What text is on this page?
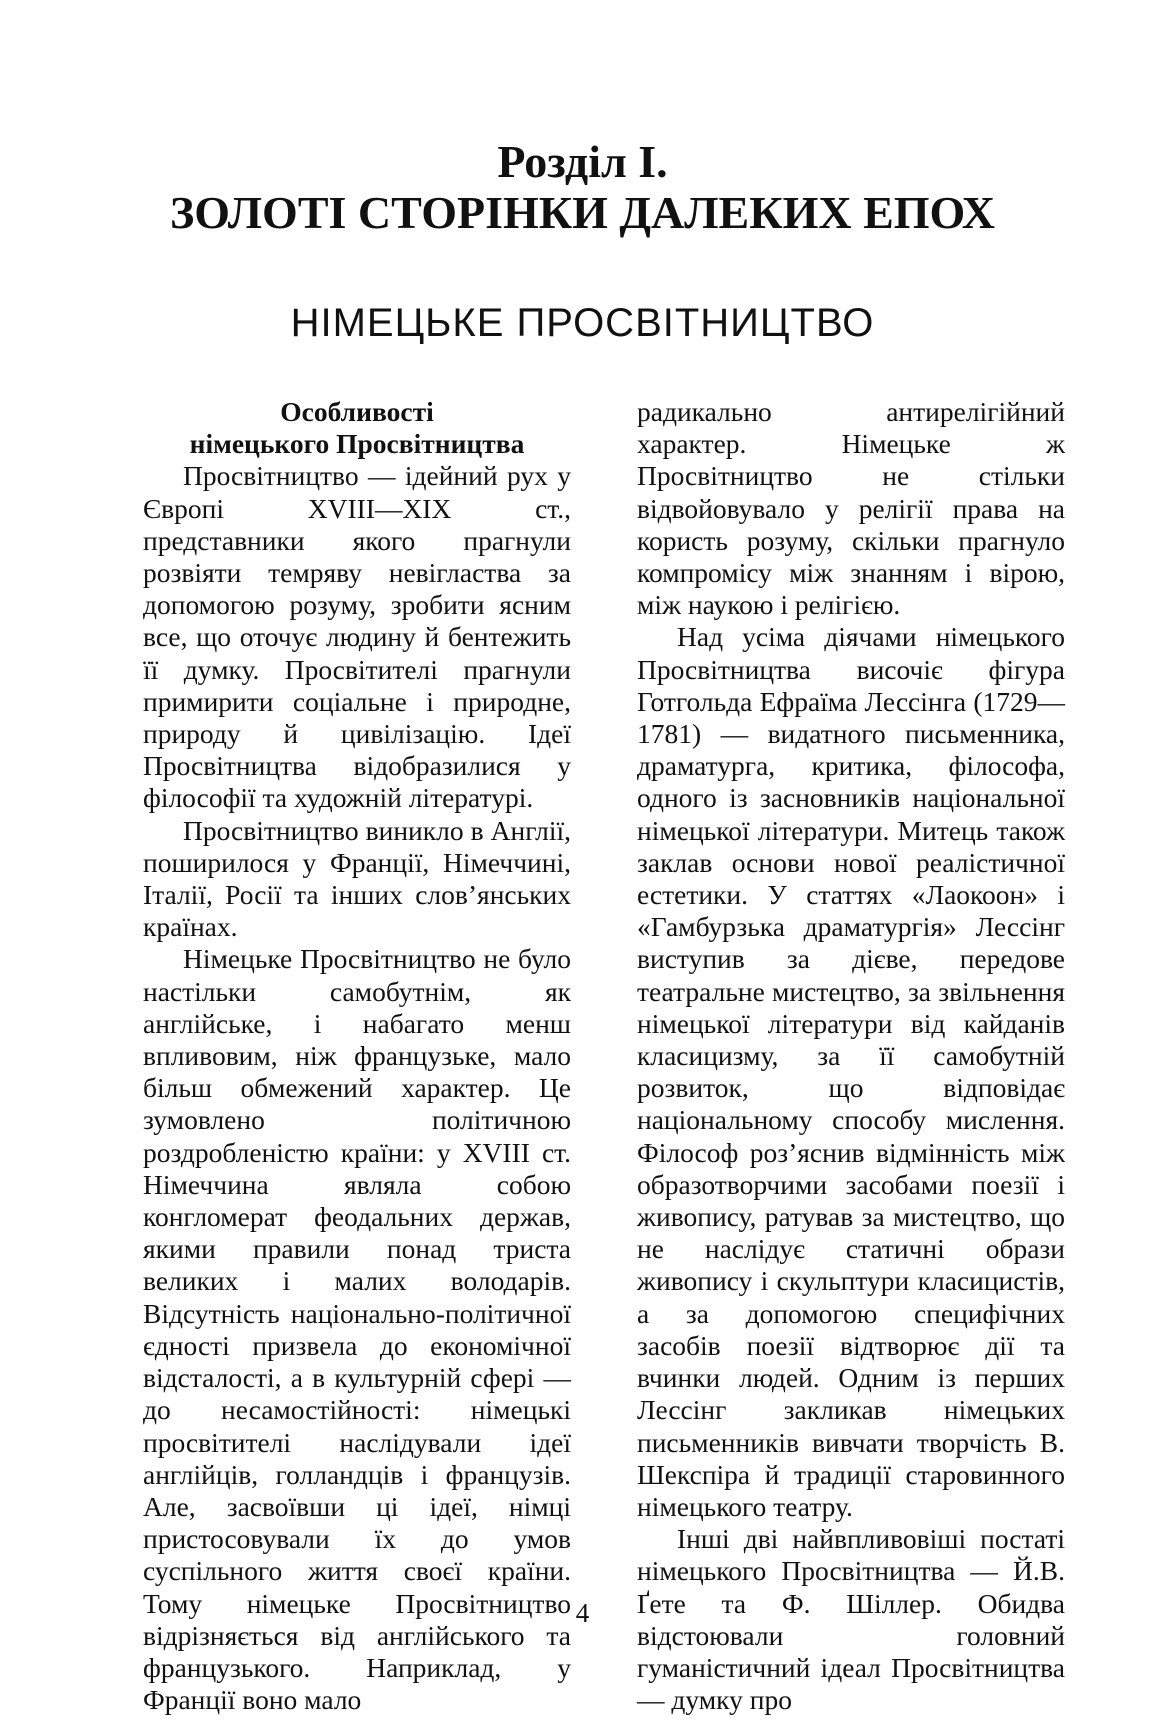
Розділ І.
ЗОЛОТІ СТОРІНКИ ДАЛЕКИХ ЕПОХ
НІМЕЦЬКЕ ПРОСВІТНИЦТВО

Особливості

німецького Просвітництва

Просвітництво — ідейний рух у Європі XVIII—XIX ст., представники якого прагнули розвіяти темряву невігластва за допомогою розуму, зробити ясним все, що оточує людину й бентежить її думку. Просвітителі прагнули примирити соціальне і природне, природу й цивілізацію. Ідеї Просвітництва відобразилися у філософії та художній літературі.

Просвітництво виникло в Англії, поширилося у Франції, Німеччині, Італії, Росії та інших слов’янських країнах.

Німецьке Просвітництво не було настільки самобутнім, як англійське, і набагато менш впливовим, ніж французьке, мало більш обмежений характер. Це зумовлено політичною роздробленістю країни: у XVIII ст. Німеччина являла собою конгломерат феодальних держав, якими правили понад триста великих і малих володарів. Відсутність національно-політичної єдності призвела до економічної відсталості, а в культурній сфері — до несамостійності: німецькі просвітителі наслідували ідеї англійців, голландців і французів. Але, засвоївши ці ідеї, німці пристосовували їх до умов суспільного життя своєї країни. Тому німецьке Просвітництво відрізняється від англійського та французького. Наприклад, у Франції воно мало

радикально антирелігійний характер. Німецьке ж Просвітництво не стільки відвойовувало у релігії права на користь розуму, скільки прагнуло компромісу між знанням і вірою, між наукою і релігією.

Над усіма діячами німецького Просвітництва височіє фігура Готгольда Ефраїма Лессінга (1729—1781) — видатного письменника, драматурга, критика, філософа, одного із засновників національної німецької літератури. Митець також заклав основи нової реалістичної естетики. У статтях «Лаокоон» і «Гамбурзька драматургія» Лессінг виступив за дієве, передове театральне мистецтво, за звільнення німецької літератури від кайданів класицизму, за її самобутній розвиток, що відповідає національному способу мислення. Філософ роз’яснив відмінність між образотворчими засобами поезії і живопису, ратував за мистецтво, що не наслідує статичні образи живопису і скульптури класицистів, а за допомогою специфічних засобів поезії відтворює дії та вчинки людей. Одним із перших Лессінг закликав німецьких письменників вивчати творчість В. Шекспіра й традиції старовинного німецького театру.

Інші дві найвпливовіші постаті німецького Просвітництва — Й.В. Ґете та Ф. Шіллер. Обидва відстоювали головний гуманістичний ідеал Просвітництва — думку про

4
